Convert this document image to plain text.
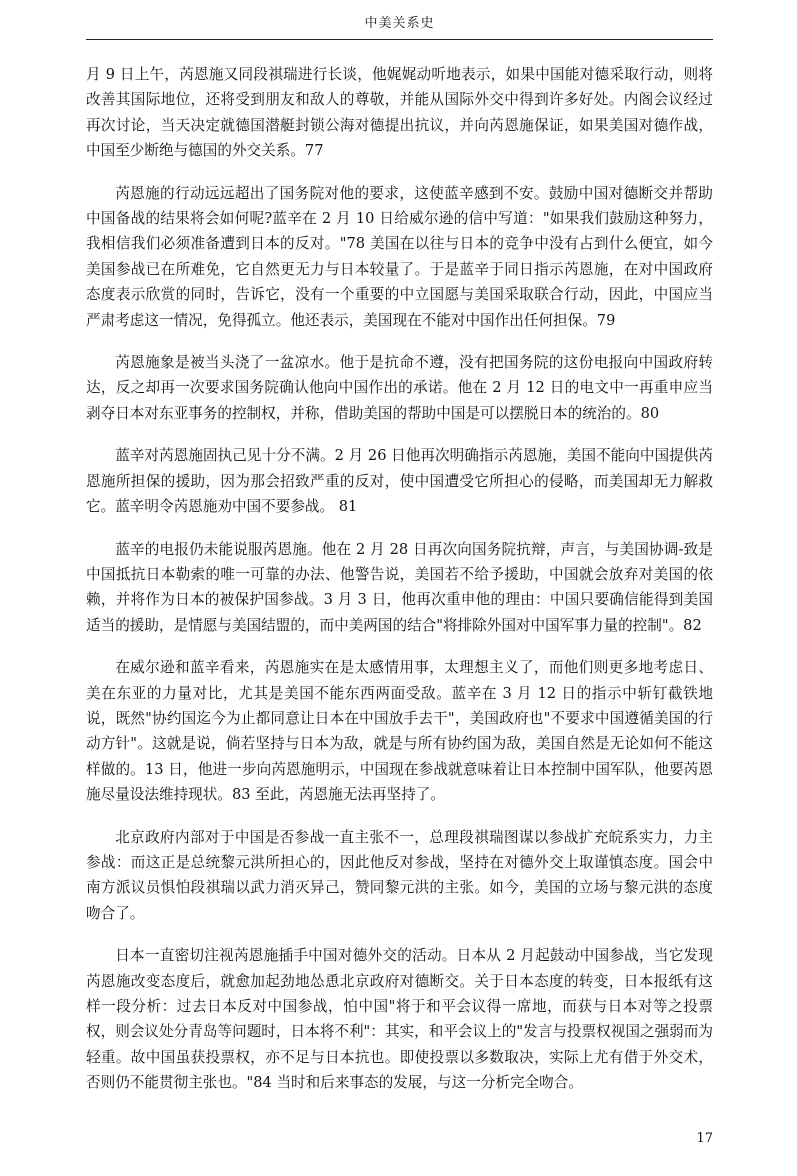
中美关系史

月 9 日上午，芮恩施又同段祺瑞进行长谈，他娓娓动听地表示，如果中国能对德采取行动，则将改善其国际地位，还将受到朋友和敌人的尊敬，并能从国际外交中得到许多好处。内阁会议经过再次讨论，当天决定就德国潜艇封锁公海对德提出抗议，并向芮恩施保证，如果美国对德作战，中国至少断绝与德国的外交关系。77

芮恩施的行动远远超出了国务院对他的要求，这使蓝辛感到不安。鼓励中国对德断交并帮助中国备战的结果将会如何呢?蓝辛在 2 月 10 日给威尔逊的信中写道："如果我们鼓励这种努力，我相信我们必须准备遭到日本的反对。"78 美国在以往与日本的竞争中没有占到什么便宜，如今美国参战已在所难免，它自然更无力与日本较量了。于是蓝辛于同日指示芮恩施，在对中国政府态度表示欣赏的同时，告诉它，没有一个重要的中立国愿与美国采取联合行动，因此，中国应当严肃考虑这一情况，免得孤立。他还表示，美国现在不能对中国作出任何担保。79

芮恩施象是被当头浇了一盆凉水。他于是抗命不遵，没有把国务院的这份电报向中国政府转达，反之却再一次要求国务院确认他向中国作出的承诺。他在 2 月 12 日的电文中一再重申应当剥夺日本对东亚事务的控制权，并称，借助美国的帮助中国是可以摆脱日本的统治的。80

蓝辛对芮恩施固执己见十分不满。2 月 26 日他再次明确指示芮恩施，美国不能向中国提供芮恩施所担保的援助，因为那会招致严重的反对，使中国遭受它所担心的侵略，而美国却无力解救它。蓝辛明令芮恩施劝中国不要参战。 81

蓝辛的电报仍未能说服芮恩施。他在 2 月 28 日再次向国务院抗辩，声言，与美国协调-致是中国抵抗日本勒索的唯一可靠的办法、他警告说，美国若不给予援助，中国就会放弃对美国的依赖，并将作为日本的被保护国参战。3 月 3 日，他再次重申他的理由：中国只要确信能得到美国适当的援助，是情愿与美国结盟的，而中美两国的结合"将排除外国对中国军事力量的控制"。82

在威尔逊和蓝辛看来，芮恩施实在是太感情用事，太理想主义了，而他们则更多地考虑日、美在东亚的力量对比，尤其是美国不能东西两面受敌。蓝辛在 3 月 12 日的指示中斩钉截铁地说，既然"协约国迄今为止都同意让日本在中国放手去干"，美国政府也"不要求中国遵循美国的行动方针"。这就是说，倘若坚持与日本为敌，就是与所有协约国为敌，美国自然是无论如何不能这样做的。13 日，他进一步向芮恩施明示，中国现在参战就意味着让日本控制中国军队，他要芮恩施尽量设法维持现状。83 至此，芮恩施无法再坚持了。

北京政府内部对于中国是否参战一直主张不一，总理段祺瑞图谋以参战扩充皖系实力，力主参战：而这正是总统黎元洪所担心的，因此他反对参战，坚持在对德外交上取谨慎态度。国会中南方派议员惧怕段祺瑞以武力消灭异己，赞同黎元洪的主张。如今，美国的立场与黎元洪的态度吻合了。

日本一直密切注视芮恩施插手中国对德外交的活动。日本从 2 月起鼓动中国参战，当它发现芮恩施改变态度后，就愈加起劲地怂恿北京政府对德断交。关于日本态度的转变，日本报纸有这样一段分析：过去日本反对中国参战，怕中国"将于和平会议得一席地，而获与日本对等之投票权，则会议处分青岛等问题时，日本将不利"：其实，和平会议上的"发言与投票权视国之强弱而为轻重。故中国虽获投票权，亦不足与日本抗也。即使投票以多数取决，实际上尤有借于外交术，否则仍不能贯彻主张也。"84 当时和后来事态的发展，与这一分析完全吻合。

17
